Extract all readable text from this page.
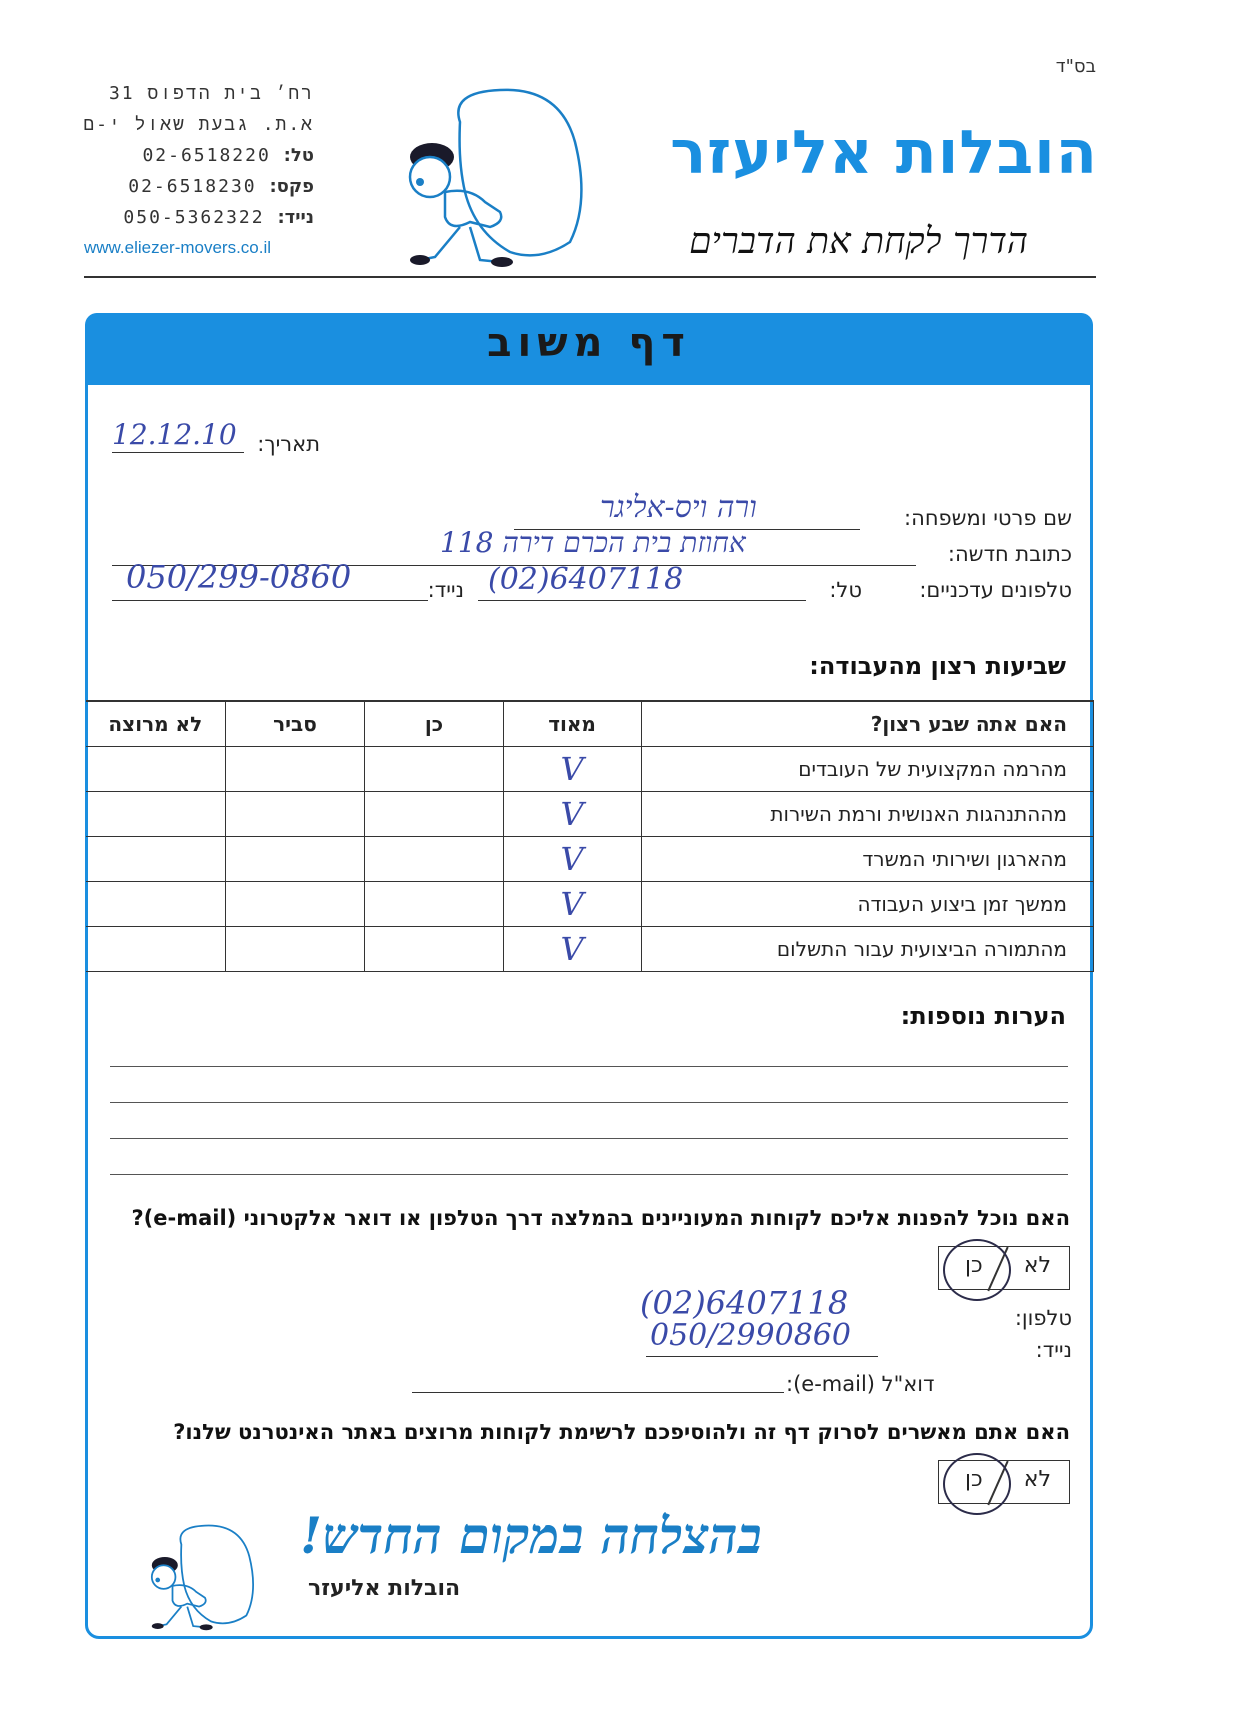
בס"ד
רח׳ בית הדפוס 31
א.ת. גבעת שאול י-ם
טל: 02-6518220
פקס: 02-6518230
נייד: 050-5362322
www.eliezer-movers.co.il
הובלות אליעזר
הדרך לקחת את הדברים
דף משוב
תאריך:
12.12.10
שם פרטי ומשפחה:
ורה ויס-אליגר
כתובת חדשה:
אחוזת בית הכרם דירה 118
טלפונים עדכניים:
טל:
(02)6407118
נייד:
050/299-0860
שביעות רצון מהעבודה:
האם אתה שבע רצון?	מאוד	כן	סביר	לא מרוצה
מהרמה המקצועית של העובדים	V			
מההתנהגות האנושית ורמת השירות	V			
מהארגון ושירותי המשרד	V			
ממשך זמן ביצוע העבודה	V			
מהתמורה הביצועית עבור התשלום	V			
הערות נוספות:
האם נוכל להפנות אליכם לקוחות המעוניינים בהמלצה דרך הטלפון או דואר אלקטרוני (e-mail)?
לא
כן
טלפון:
(02)6407118
נייד:
050/2990860
דוא"ל (e-mail):
האם אתם מאשרים לסרוק דף זה ולהוסיפכם לרשימת לקוחות מרוצים באתר האינטרנט שלנו?
לא
כן
בהצלחה במקום החדש!
הובלות אליעזר
